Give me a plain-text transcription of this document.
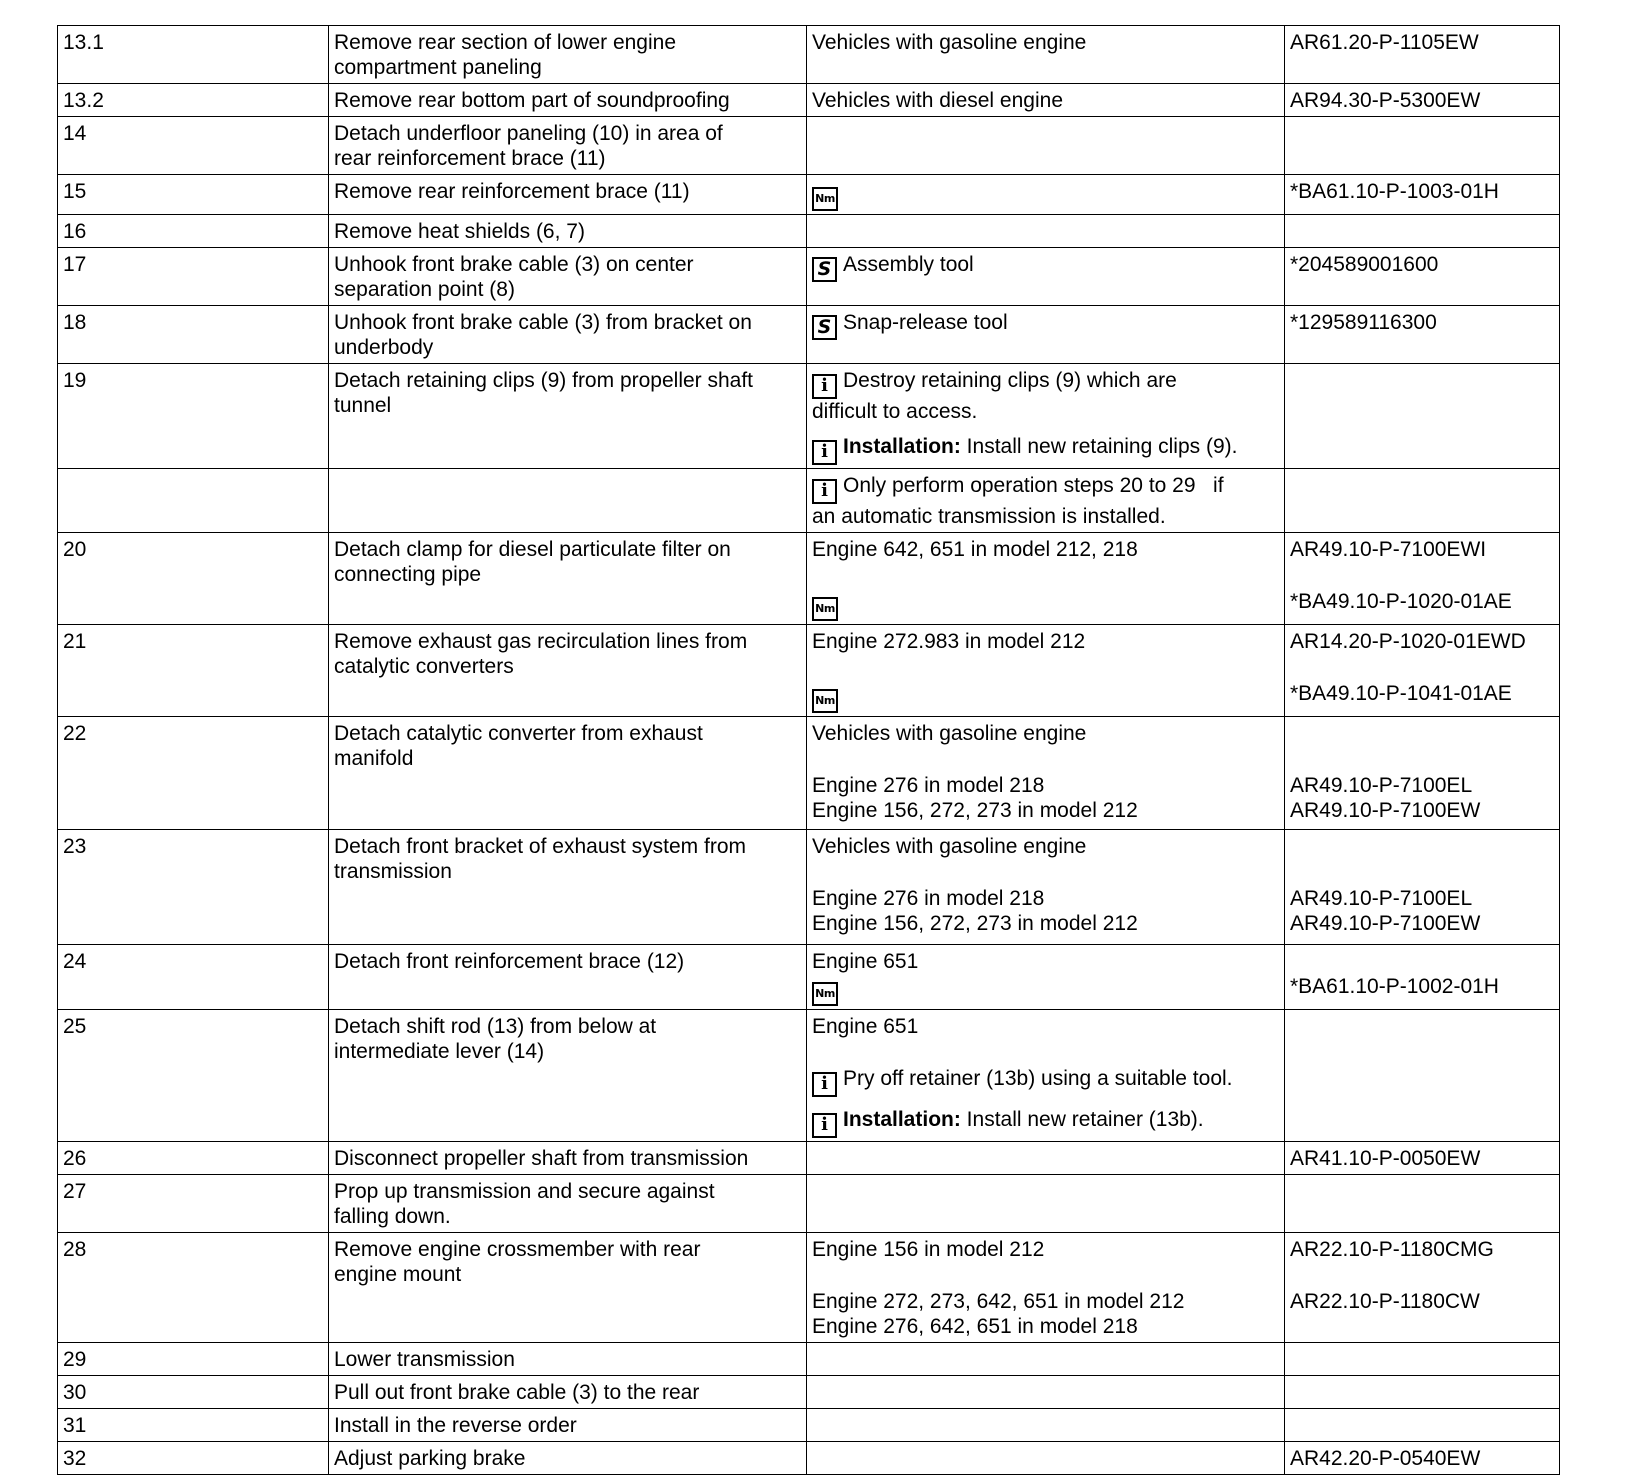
13.1	Remove rear section of lower engine
compartment paneling	Vehicles with gasoline engine	AR61.20-P-1105EW

13.2	Remove rear bottom part of soundproofing	Vehicles with diesel engine	AR94.30-P-5300EW

14	Detach underfloor paneling (10) in area of
rear reinforcement brace (11)		

15	Remove rear reinforcement brace (11)	Nm	*BA61.10-P-1003-01H

16	Remove heat shields (6, 7)		

17	Unhook front brake cable (3) on center
separation point (8)	S Assembly tool	*204589001600

18	Unhook front brake cable (3) from bracket on
underbody	S Snap-release tool	*129589116300

19	Detach retaining clips (9) from propeller shaft
tunnel	i Destroy retaining clips (9) which are
difficult to access.
i Installation: Install new retaining clips (9).	

		i Only perform operation steps 20 to 29   if
an automatic transmission is installed.	

20	Detach clamp for diesel particulate filter on
connecting pipe	Engine 642, 651 in model 212, 218
Nm	AR49.10-P-7100EWI
*BA49.10-P-1020-01AE

21	Remove exhaust gas recirculation lines from
catalytic converters	Engine 272.983 in model 212
Nm	AR14.20-P-1020-01EWD
*BA49.10-P-1041-01AE

22	Detach catalytic converter from exhaust
manifold	Vehicles with gasoline engine
Engine 276 in model 218
Engine 156, 272, 273 in model 212	AR49.10-P-7100EL
AR49.10-P-7100EW

23	Detach front bracket of exhaust system from
transmission	Vehicles with gasoline engine
Engine 276 in model 218
Engine 156, 272, 273 in model 212	AR49.10-P-7100EL
AR49.10-P-7100EW

24	Detach front reinforcement brace (12)	Engine 651
Nm	*BA61.10-P-1002-01H

25	Detach shift rod (13) from below at
intermediate lever (14)	Engine 651
i Pry off retainer (13b) using a suitable tool.
i Installation: Install new retainer (13b).	

26	Disconnect propeller shaft from transmission		AR41.10-P-0050EW

27	Prop up transmission and secure against
falling down.		

28	Remove engine crossmember with rear
engine mount	Engine 156 in model 212
Engine 272, 273, 642, 651 in model 212
Engine 276, 642, 651 in model 218	AR22.10-P-1180CMG
AR22.10-P-1180CW

29	Lower transmission		

30	Pull out front brake cable (3) to the rear		

31	Install in the reverse order		

32	Adjust parking brake		AR42.20-P-0540EW
